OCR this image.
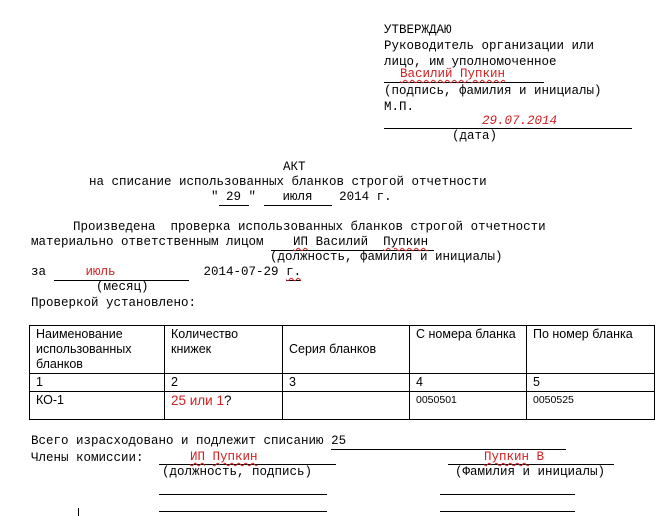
УТВЕРЖДАЮ
Руководитель организации или
лицо, им уполномоченное
Василий Пупкин
(подпись, фамилия и инициалы)
М.П.
29.07.2014
(дата)
АКТ
на списание использованных бланков строгой отчетности
" 29 " июля 2014 г.
Произведена  проверка использованных бланков строгой отчетности
материально ответственным лицом ИП Василий Пупкин
(должность, фамилия и инициалы)
за	июль	2014-07-29 г.
(месяц)
Проверкой установлено:
Наименование использованных бланков	Количество книжек	Серия бланков	С номера бланка	По номер бланка
1	2	3	4	5
КО-1	25 или 1?		0050501	0050525
Всего израсходовано и подлежит списанию 25
Члены комиссии:	ИП Пупкин
(должность, подпись)
Пупкин В
(Фамилия и инициалы)
